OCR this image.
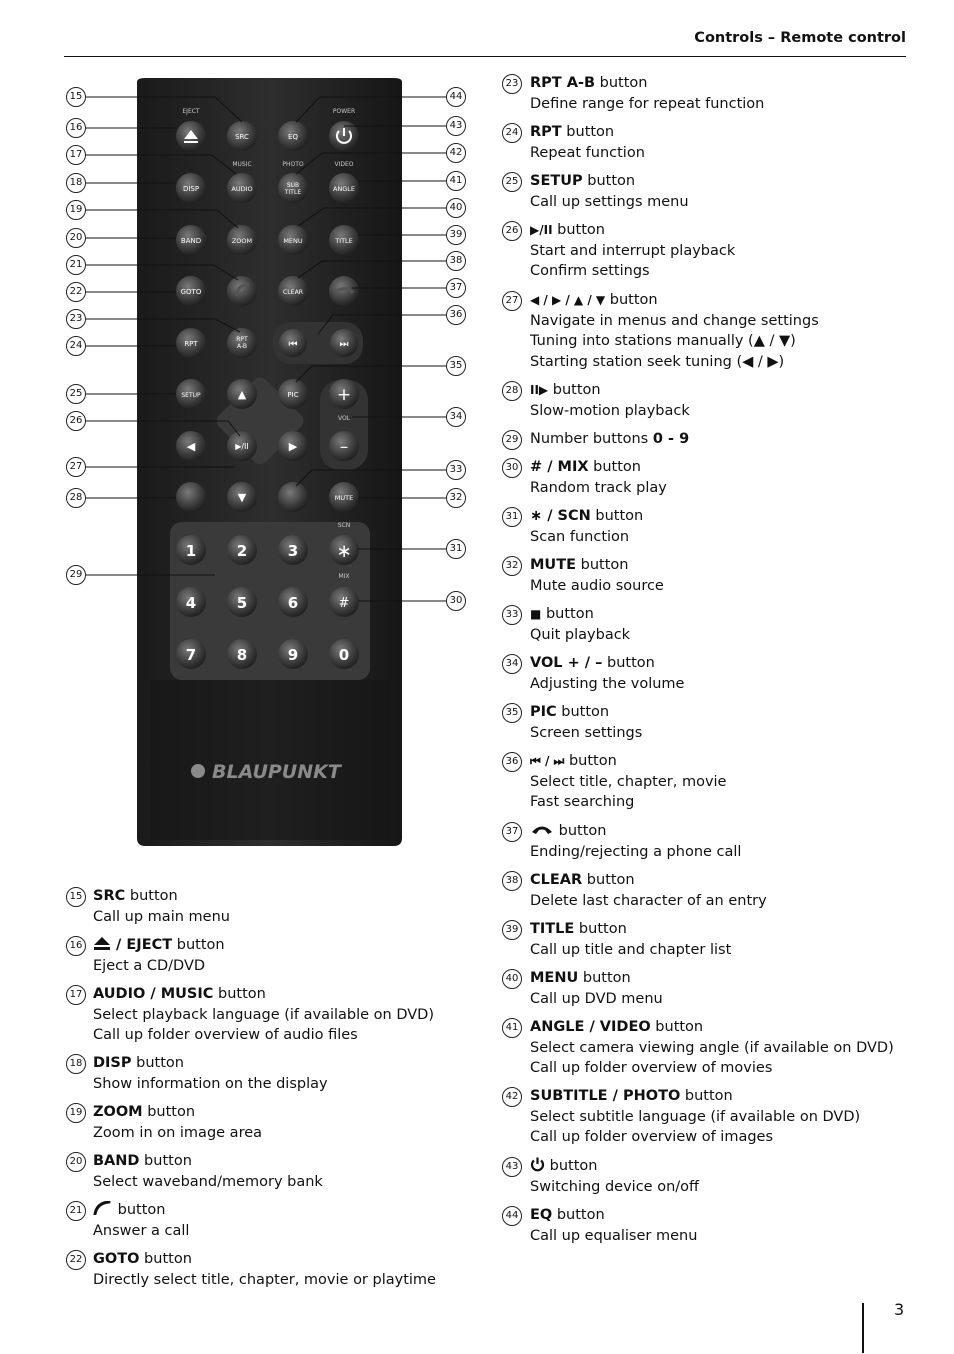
Controls – Remote control
EJECT	POWER
MUSIC	PHOTO	VIDEO
VOL
SCN
MIX
SRC	EQ
DISP	AUDIO	SUB
TITLE	ANGLE
BAND	ZOOM	MENU	TITLE
GOTO	CLEAR
RPT
RPT
A-B	⏮	⏭
SETUP	▲	PIC +
◀	▶/II	▶	–
▼	MUTE
1	2	3 ∗
4	5	6	#
7	8	9	0
BLAUPUNKT
15
16
17
18
19
20
21
22
23
24
25
26
27
28
29
44
43
42
41
40
39
38
37
36
35
34
33
32
31
30
15 SRC button
Call up main menu
16	/ EJECT button
Eject a CD/DVD
17 AUDIO / MUSIC button
Select playback language (if available on DVD)
Call up folder overview of audio files
18 DISP button
Show information on the display
19 ZOOM button
Zoom in on image area
20 BAND button
Select waveband/memory bank
21	button
Answer a call
22 GOTO button
Directly select title, chapter, movie or playtime
23 RPT A-B button
Define range for repeat function
24 RPT button
Repeat function
25 SETUP button
Call up settings menu
26 ▶/II button
Start and interrupt playback
Confirm settings
27 ◀ / ▶ / ▲ / ▼ button
Navigate in menus and change settings
Tuning into stations manually (▲ / ▼)
Starting station seek tuning (◀ / ▶)
28 II▶ button
Slow-motion playback
29 Number buttons 0 - 9
30 # / MIX button
Random track play
31 ∗ / SCN button
Scan function
32 MUTE button
Mute audio source
33 ■ button
Quit playback
34 VOL + / – button
Adjusting the volume
35 PIC button
Screen settings
36 ⏮ / ⏭ button
Select title, chapter, movie
Fast searching
37	button
Ending/rejecting a phone call
38 CLEAR button
Delete last character of an entry
39 TITLE button
Call up title and chapter list
40 MENU button
Call up DVD menu
41 ANGLE / VIDEO button
Select camera viewing angle (if available on DVD)
Call up folder overview of movies
42 SUBTITLE / PHOTO button
Select subtitle language (if available on DVD)
Call up folder overview of images
43	button
Switching device on/off
44 EQ button
Call up equaliser menu
3
